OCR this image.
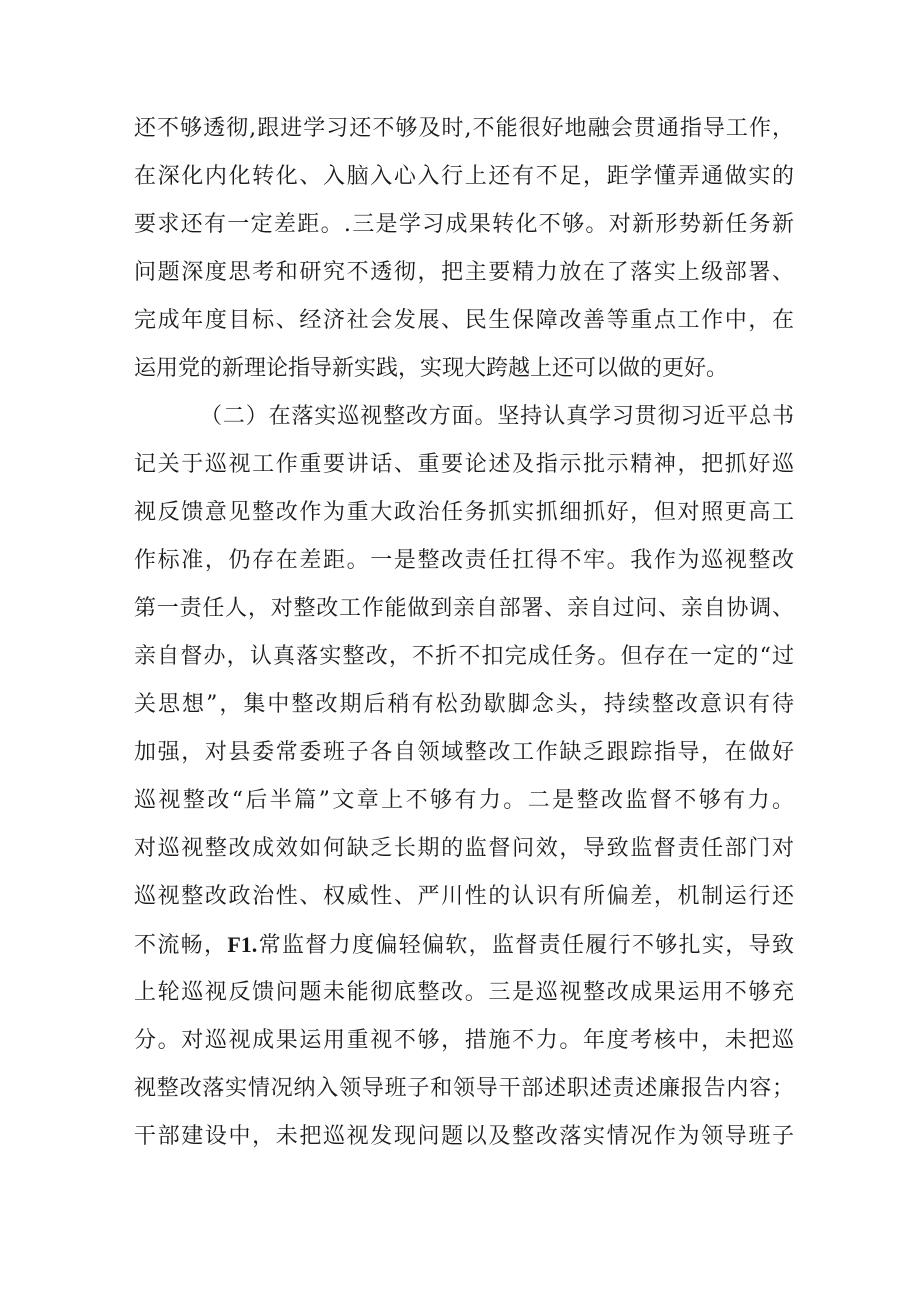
还不够透彻,跟进学习还不够及时,不能很好地融会贯通指导工作，
在深化内化转化、入脑入心入行上还有不足，距学懂弄通做实的
要求还有一定差距。.三是学习成果转化不够。对新形势新任务新
问题深度思考和研究不透彻，把主要精力放在了落实上级部署、
完成年度目标、经济社会发展、民生保障改善等重点工作中，在
运用党的新理论指导新实践，实现大跨越上还可以做的更好。
（二）在落实巡视整改方面。坚持认真学习贯彻习近平总书
记关于巡视工作重要讲话、重要论述及指示批示精神，把抓好巡
视反馈意见整改作为重大政治任务抓实抓细抓好，但对照更高工
作标准，仍存在差距。一是整改责任扛得不牢。我作为巡视整改
第一责任人，对整改工作能做到亲自部署、亲自过问、亲自协调、
亲自督办，认真落实整改，不折不扣完成任务。但存在一定的“过
关思想”，集中整改期后稍有松劲歇脚念头，持续整改意识有待
加强，对县委常委班子各自领域整改工作缺乏跟踪指导，在做好
巡视整改“后半篇”文章上不够有力。二是整改监督不够有力。
对巡视整改成效如何缺乏长期的监督问效，导致监督责任部门对
巡视整改政治性、权威性、严川性的认识有所偏差，机制运行还
不流畅，F1.常监督力度偏轻偏软，监督责任履行不够扎实，导致
上轮巡视反馈问题未能彻底整改。三是巡视整改成果运用不够充
分。对巡视成果运用重视不够，措施不力。年度考核中，未把巡
视整改落实情况纳入领导班子和领导干部述职述责述廉报告内容；
干部建设中，未把巡视发现问题以及整改落实情况作为领导班子
